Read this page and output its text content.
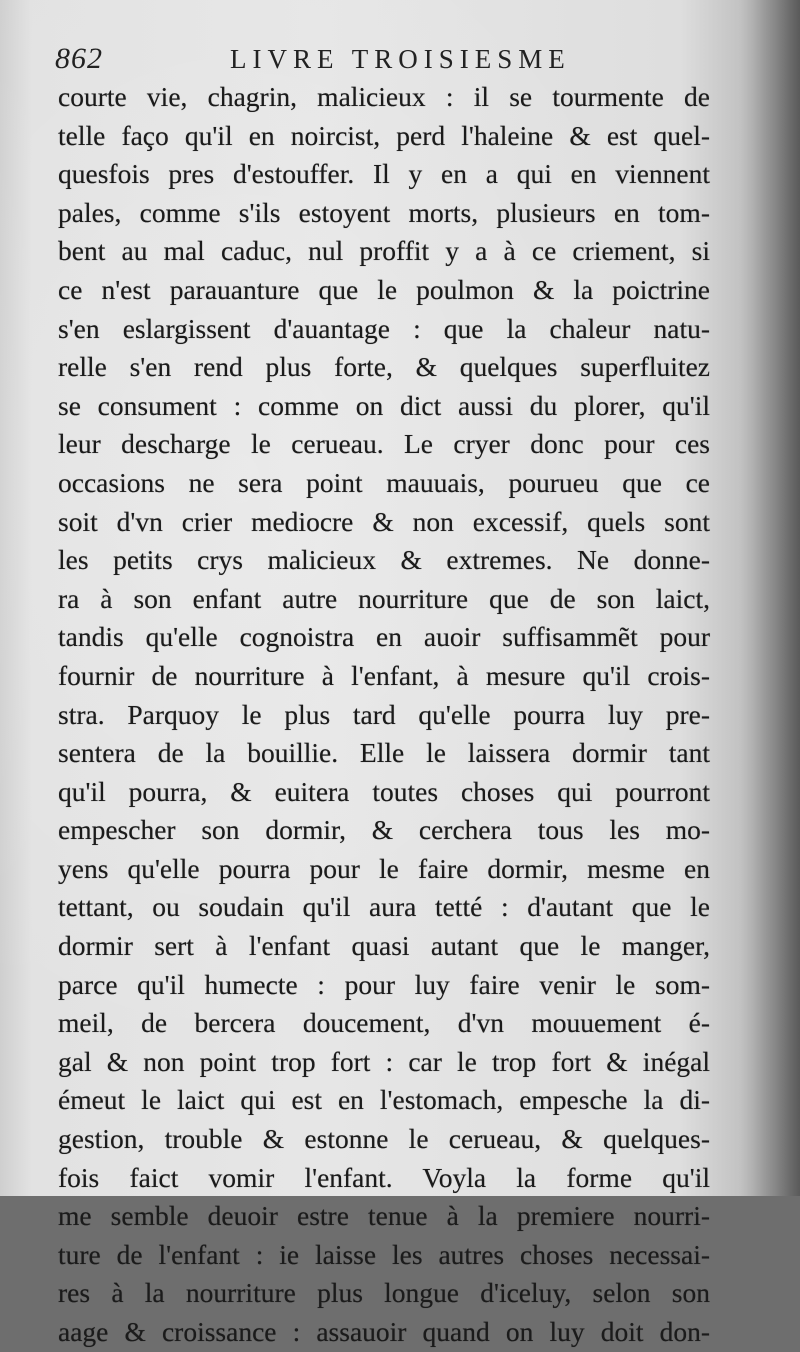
862	LIVRE TROISIESME
courte vie, chagrin, malicieux : il se tourmente de
telle faço qu'il en noircist, perd l'haleine & est quel-
quesfois pres d'estouffer. Il y en a qui en viennent
pales, comme s'ils estoyent morts, plusieurs en tom-
bent au mal caduc, nul proffit y a à ce criement, si
ce n'est parauanture que le poulmon & la poictrine
s'en eslargissent d'auantage : que la chaleur natu-
relle s'en rend plus forte, & quelques superfluitez
se consument : comme on dict aussi du plorer, qu'il
leur descharge le cerueau. Le cryer donc pour ces
occasions ne sera point mauuais, pourueu que ce
soit d'vn crier mediocre & non excessif, quels sont
les petits crys malicieux & extremes. Ne donne-
ra à son enfant autre nourriture que de son laict,
tandis qu'elle cognoistra en auoir suffisammẽt pour
fournir de nourriture à l'enfant, à mesure qu'il crois-
stra. Parquoy le plus tard qu'elle pourra luy pre-
sentera de la bouillie. Elle le laissera dormir tant
qu'il pourra, & euitera toutes choses qui pourront
empescher son dormir, & cerchera tous les mo-
yens qu'elle pourra pour le faire dormir, mesme en
tettant, ou soudain qu'il aura tetté : d'autant que le
dormir sert à l'enfant quasi autant que le manger,
parce qu'il humecte : pour luy faire venir le som-
meil, de bercera doucement, d'vn mouuement é-
gal & non point trop fort : car le trop fort & inégal
émeut le laict qui est en l'estomach, empesche la di-
gestion, trouble & estonne le cerueau, & quelques-
fois faict vomir l'enfant. Voyla la forme qu'il
me semble deuoir estre tenue à la premiere nourri-
ture de l'enfant : ie laisse les autres choses necessai-
res à la nourriture plus longue d'iceluy, selon son
aage & croissance : assauoir quand on luy doit don-
